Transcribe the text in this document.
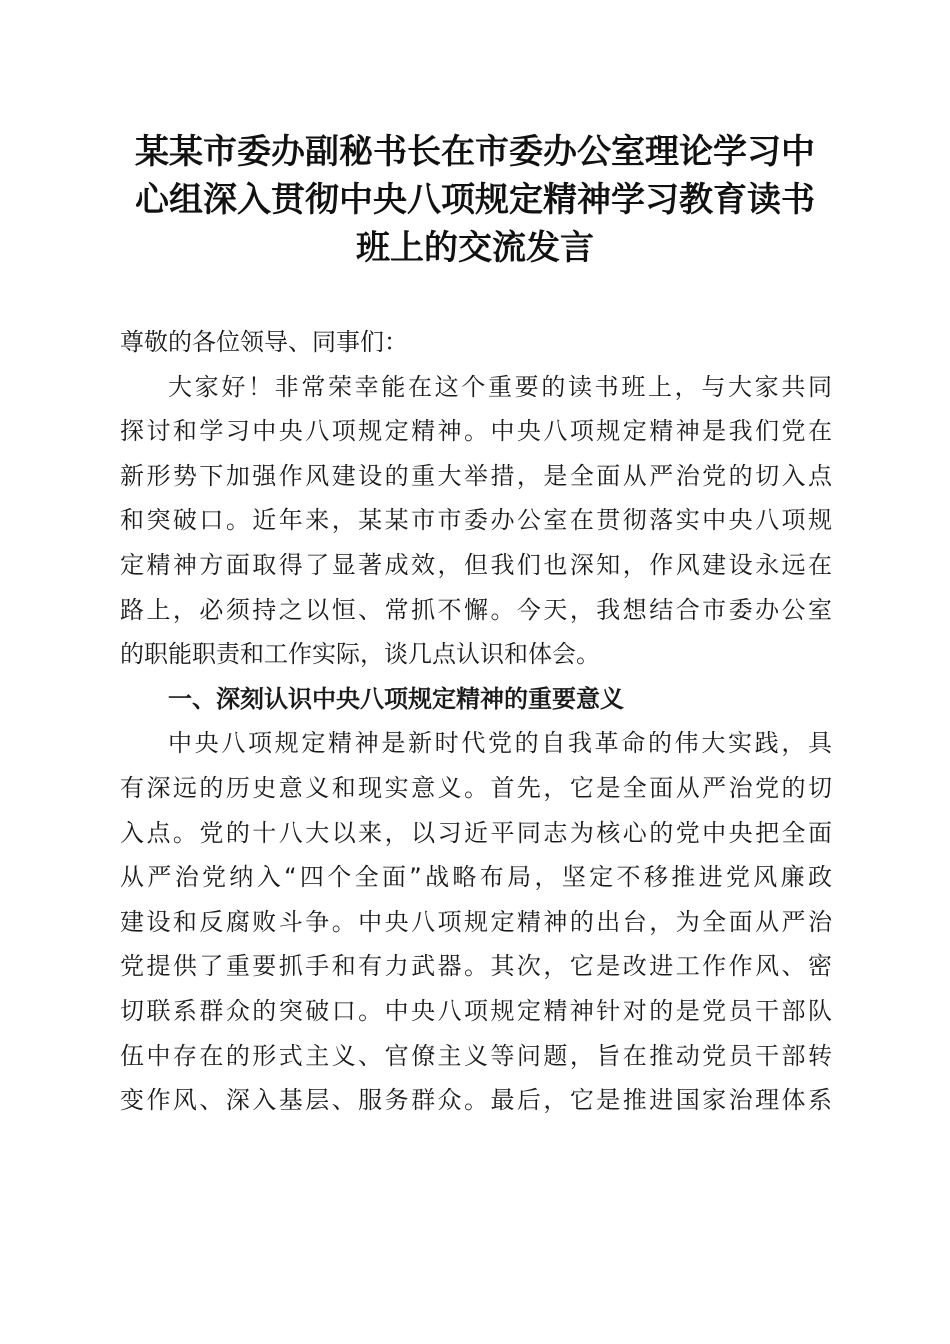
某某市委办副秘书长在市委办公室理论学习中
心组深入贯彻中央八项规定精神学习教育读书
班上的交流发言
尊敬的各位领导、同事们：
大家好！非常荣幸能在这个重要的读书班上，与大家共同
探讨和学习中央八项规定精神。中央八项规定精神是我们党在
新形势下加强作风建设的重大举措，是全面从严治党的切入点
和突破口。近年来，某某市市委办公室在贯彻落实中央八项规
定精神方面取得了显著成效，但我们也深知，作风建设永远在
路上，必须持之以恒、常抓不懈。今天，我想结合市委办公室
的职能职责和工作实际，谈几点认识和体会。
一、深刻认识中央八项规定精神的重要意义
中央八项规定精神是新时代党的自我革命的伟大实践，具
有深远的历史意义和现实意义。首先，它是全面从严治党的切
入点。党的十八大以来，以习近平同志为核心的党中央把全面
从严治党纳入“四个全面”战略布局，坚定不移推进党风廉政
建设和反腐败斗争。中央八项规定精神的出台，为全面从严治
党提供了重要抓手和有力武器。其次，它是改进工作作风、密
切联系群众的突破口。中央八项规定精神针对的是党员干部队
伍中存在的形式主义、官僚主义等问题，旨在推动党员干部转
变作风、深入基层、服务群众。最后，它是推进国家治理体系
